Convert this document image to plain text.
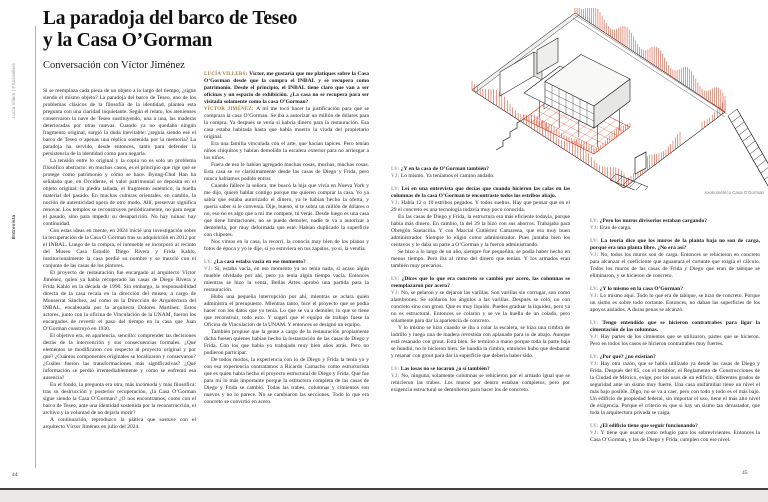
Lucía Villers | # luciavillers
Entrevista
La paradoja del barco de Teseo
y la Casa O’Gorman
Conversación con Víctor Jiménez

Si se reemplaza cada pieza de un objeto a lo largo del tiempo, ¿sigue siendo el mismo objeto? La paradoja del barco de Teseo, uno de los problemas clásicos de la filosofía de la identidad, plantea esta pregunta con una claridad inquietante. Según el relato, los atenienses conservaron la nave de Teseo sustituyendo, una a una, las maderas deterioradas por otras nuevas. Cuando ya no quedaba ningún fragmento original, surgió la duda inevitable: ¿seguía siendo ese el barco de Teseo o apenas una réplica sostenida por la memoria? La paradoja ha servido, desde entonces, tanto para defender la persistencia de la identidad como para negarla.

La tensión entre lo original y la copia no es solo un problema filosófico abstracto: en muchos casos, es el principio que rige qué se protege como patrimonio y cómo se hace. Byung-Chul Han ha señalado que, en Occidente, el valor patrimonial se deposita en el objeto original: la piedra tallada, el fragmento auténtico, la huella material del pasado. En muchas culturas orientales, en cambio, la noción de autenticidad opera de otro modo. Allí, preservar significa renovar. Los templos se reconstruyen periódicamente, no para negar el pasado, sino para impedir su desaparición. No hay ruinas: hay continuidad.

Con estas ideas en mente, en 2024 inicié una investigación sobre la recuperación de la Casa O’Gorman tras su adquisición en 2012 por el INBAL. Luego de la compra, el inmueble se incorporó al recinto del Museo Casa Estudio Diego Rivera y Frida Kahlo, institucionalmente la casa perdió su nombre y se mezcló con el conjunto de las casas de los pintores.

El proyecto de restauración fue encargado al arquitecto Víctor Jiménez, quien ya había recuperado las casas de Diego Rivera y Frida Kahlo en la década de 1990. Sin embargo, la responsabilidad directa de la casa recaía en la dirección del museo, a cargo de Monserrat Sánchez, así como en la Dirección de Arquitectura del INBAL, encabezada por la arquitecta Dolores Martínez. Estos actores, junto con la oficina de Vinculación de la UNAM, fueron los encargados de revertir el paso del tiempo en la casa que Juan O’Gorman construyó en 1930.

El objetivo era, en apariencia, sencillo: comprender las decisiones detrás de la intervención y sus consecuencias formales. ¿Qué elementos se modificaron con respecto al proyecto original y por qué? ¿Cuántos componentes originales se localizaron y conservaron? ¿Cuáles fueron las transformaciones más significativas? ¿Qué información se perdió irremediablemente y cómo se enfrentó esa ausencia?

En el fondo, la pregunta era otra, más incómoda y más filosófica: tras su destrucción y posterior recuperación, ¿la Casa O’Gorman sigue siendo la Casa O’Gorman? ¿O nos encontramos, como con el barco de Teseo, ante una identidad sostenida por la reconstrucción, el archivo y la voluntad de no dejarla morir?

A continuación, reproduzco la plática que sostuve con el arquitecto Víctor Jiménez en julio del 2024.

LUCÍA VILLERS: Víctor, me gustaría que me platiques sobre la Casa O’Gorman desde que la compra el INBAL y se recupera como patrimonio. Desde el principio, el INBAL tiene claro que van a ser oficinas y un espacio de exhibición. ¿La casa no se recupera para ser visitada solamente como la casa O’Gorman?

VÍCTOR JIMÉNEZ: A mí me tocó hacer la justificación para que se comprara la casa O’Gorman. Se iba a autorizar un millón de dólares para la compra. Ya después se vería si habría dinero para la restauración. Esa casa estaba habitada hasta que había muerto la viuda del propietario original.

Era una familia vinculada con el arte, que hacían tapices. Pero tenían niños chiquitos y habían demolido la escalera exterior para no arriesgar a los niños.

Fuera de eso le habían agregado muchas cosas, muchas, muchas cosas. Esta casa se ve clarísimamente desde las casas de Diego y Frida, pero nunca habíamos podido entrar.

Cuando fallece la señora, me buscó la hija que vivía en Nueva York y me dijo, quiero hablar contigo porque me quieren comprar la casa. Yo ya sabía que estaba autorizado el dinero, ya le habían hecho la oferta, y quería saber si le convenía. Dije, bueno, si te sobra un millón de dólares o no, eso no es algo que a mí me compete, tú verás. Desde luego es una casa que tiene limitaciones, no se puede demoler, nadie te va a autorizar a demolerla, por muy deformada que esté. Habían duplicado la superficie con chipotes.

Nos vimos en la casa, la recorrí, la conocía muy bien de los planos y fotos de época y yo le dije, si yo estuviera en tus zapatos, yo sí, la vendía.

LV: ¿La casa estaba vacía en ese momento?

VJ: Sí, estaba vacía, en ese momento ya no tenía nada, si acaso algún mueble olvidado por ahí, pero ya tenía algún tiempo vacía. Entonces mientras se hizo la venta, Bellas Artes aprobó una partida para la restauración.

Hubo una pequeña interrupción por ahí, mientras se aclara quién administra el presupuesto. Mientras tanto, hice el proyecto que se podía hacer con los datos que yo tenía. Lo que se va a demoler, lo que se tiene que reconstruir, todo esto. Y sugerí que el equipo de trabajo fuese la Oficina de Vinculación de la UNAM. Y entonces se designó un equipo.

También propuse que la gente a cargo de la restauración propiamente dicha fuesen quienes habían hecho la restauración de las casas de Diego y Frida. Con los que había yo trabajado muy bien años atrás. Pero no pudieron participar.

De todos modos, la experiencia con lo de Diego y Frida la tenía yo y con esa experiencia contratamos a Ricardo Camacho como estructurista que es quien había hecho el proyecto estructural de Diego y Frida. Que fue para mí lo más importante porque la estructura completa de las casas de Diego y Frida se cambió. Todas las trabes, columnas y cimientos son nuevos y no lo parece. No se cambiaron las secciones. Todo lo que era concreto se convirtió en acero.

44
Axonométrico Casa O’Gorman

LV: ¿Y en la casa de O’Gorman también?

VJ: Lo mismo. Ya teníamos el camino andado.

LV: Leí en una entrevista que decías que cuando hicieron las calas en las columnas de la casa O’Gorman te encontraste todos los estribos abajo.

VJ: Había 12 o 10 estribos pegados. Y todos sueltos. Hay que pensar que en el 29 el concreto es una tecnología todavía muy poco conocida.

En las casas de Diego y Frida, la estructura era más eficiente todavía, porque había más dinero. En cambio, la del 29 la hizo con sus ahorros. Trabajaba para Obregón Santacilia. Y con Marcial Gutiérrez Camarena, que era muy buen administrador. Siempre lo eligió como administrador. Pues juntaba bien los centavos y le daba su parte a O’Gorman y la fueron administrando.

Se hizo a lo largo de un año, siempre fue pequeñita, se podía haber hecho en menos tiempo. Pero iba al ritmo del dinero que tenían. Y los armados eran también muy precarios.

LV: ¿Dices que lo que era concreto se cambió por acero, las columnas se reemplazaron por acero?

VJ: No, se pelaron y se dejaron las varillas. Son varillas sin corrugar, son como alambrones. Se soldaron los ángulos a las varillas. Después se coló, no con concreto sino con grout. Que es muy líquido. Puedes graduar la liquidez, pero ya no es estructural. Entonces se colaron y se ve la huella de un colado, pero solamente para dar la apariencia de concreto.

Y lo mismo se hizo cuando se iba a colar la escalera, se hizo una cimbra de ladrillo y luego una de madera revestida con aplanado para lo de abajo. Aunque está resanado con grout. Está bien. Se terminó a mano porque toda la parte baja se hundió, no lo hicieron bien. Se hundía la cimbra, entonces hubo que desbastar y resanar con grout para dar la superficie que debería haber sido.

LV: Las losas no se tocaron ¿o sí también?

VJ: No, ninguna, solamente columnas se rehicieron por el armado igual que se rehicieron las trabes. Los muros por dentro estaban completos, pero por exigencia estructural se demolieron para hacer los de concreto.

LV: ¿Pero los muros divisorios estaban cargando?

VJ: Eran de carga.

LV: La teoría dice que los muros de la planta baja no son de carga, porque era una planta libre. ¿No era así?

VJ: No, todos los muros son de carga. Entonces se rehicieron en concreto para alcanzar el coeficiente que aguantara el cortante que exigía el cálculo. Todos los muros de las casas de Frida y Diego que eran de tabique se eliminaron, y se hicieron de concreto.

LV: ¿Y lo mismo en la casa O’Gorman?

VJ: Lo mismo aquí. Todo lo que era de tabique, se hizo de concreto. Porque un sismo es sobre todo cortante. Entonces, no daban las superficies de los apoyos aislados. A duras penas se alcanzó.

LV: Tengo entendido que se hicieron contratrabes para ligar la cimentación de las columnas.

VJ: Hay partes de los cimientos que se utilizaron, partes que se hicieron. Pero en todos los casos se hicieron contratrabes muy fuertes.

LV: ¿Por qué? ¿no existían?

VJ: Hay otra razón, que se había utilizado ya desde las casas de Diego y Frida. Después del 85, con el temblor, el Reglamento de Construcciones de la Ciudad de México, exige, por los usos de un edificio, diferentes grados de seguridad ante un sismo muy fuerte. Una casa unifamiliar tiene un nivel el más bajo posible. Digo, no se va a caer, pero con todo y todo es el más bajo. Un edificio de propiedad federal, sin importar el uso, tiene el más alto nivel de exigencia. Porque el criterio es que si hay un sismo tan devastador, que toda la arquitectura privada se caiga.

LV: ¿El edificio tiene que seguir funcionando?

VJ: Y tiene que usarse como refugio para los sobrevivientes. Entonces la Casa O’Gorman, y las de Diego y Frida, cumplen con ese nivel.

45
